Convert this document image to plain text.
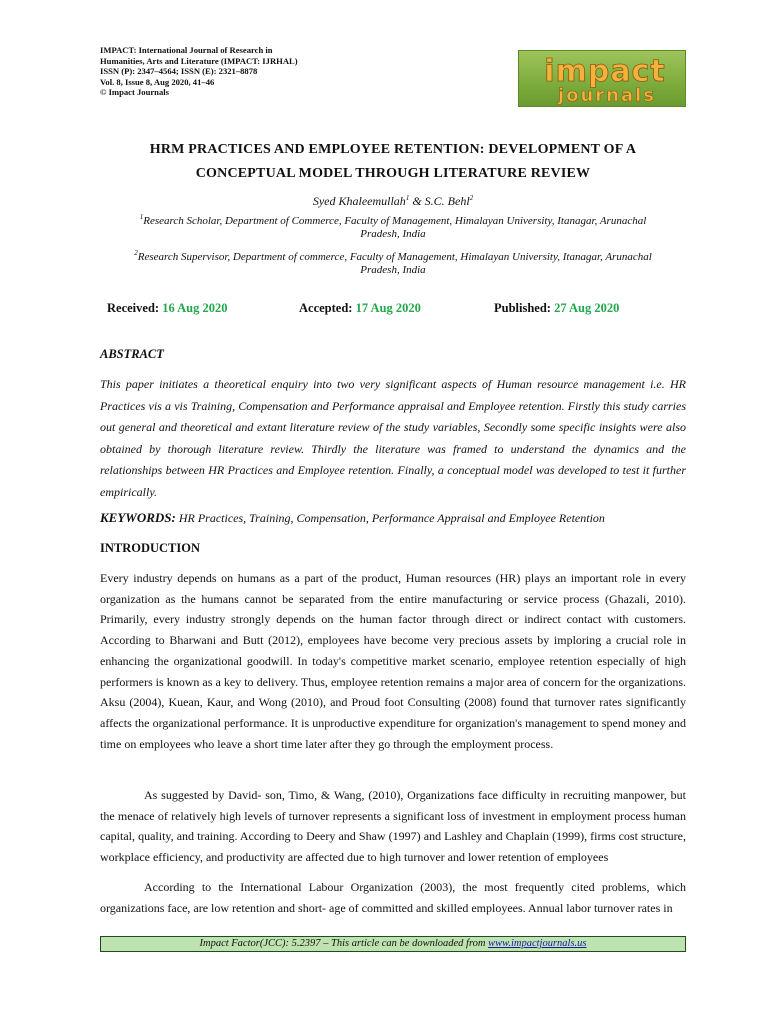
IMPACT: International Journal of Research in
Humanities, Arts and Literature (IMPACT: IJRHAL)
ISSN (P): 2347–4564; ISSN (E): 2321–8878
Vol. 8, Issue 8, Aug 2020, 41–46
© Impact Journals
impact
journals
HRM PRACTICES AND EMPLOYEE RETENTION: DEVELOPMENT OF A
CONCEPTUAL MODEL THROUGH LITERATURE REVIEW
Syed Khaleemullah$^1$ & S.C. Behl$^2$
$^1$Research Scholar, Department of Commerce, Faculty of Management, Himalayan University, Itanagar, Arunachal
Pradesh, India
$^2$Research Supervisor, Department of commerce, Faculty of Management, Himalayan University, Itanagar, Arunachal
Pradesh, India
Received: 16 Aug 2020	Accepted: 17 Aug 2020	Published: 27 Aug 2020
ABSTRACT
This paper initiates a theoretical enquiry into two very significant aspects of Human resource management i.e. HR Practices vis a vis Training, Compensation and Performance appraisal and Employee retention. Firstly this study carries out general and theoretical and extant literature review of the study variables, Secondly some specific insights were also obtained by thorough literature review. Thirdly the literature was framed to understand the dynamics and the relationships between HR Practices and Employee retention. Finally, a conceptual model was developed to test it further empirically.
KEYWORDS: HR Practices, Training, Compensation, Performance Appraisal and Employee Retention
INTRODUCTION
Every industry depends on humans as a part of the product, Human resources (HR) plays an important role in every organization as the humans cannot be separated from the entire manufacturing or service process (Ghazali, 2010). Primarily, every industry strongly depends on the human factor through direct or indirect contact with customers. According to Bharwani and Butt (2012), employees have become very precious assets by imploring a crucial role in enhancing the organizational goodwill. In today's competitive market scenario, employee retention especially of high performers is known as a key to delivery. Thus, employee retention remains a major area of concern for the organizations. Aksu (2004), Kuean, Kaur, and Wong (2010), and Proud foot Consulting (2008) found that turnover rates significantly affects the organizational performance. It is unproductive expenditure for organization's management to spend money and time on employees who leave a short time later after they go through the employment process.
As suggested by David- son, Timo, & Wang, (2010), Organizations face difficulty in recruiting manpower, but the menace of relatively high levels of turnover represents a significant loss of investment in employment process human capital, quality, and training. According to Deery and Shaw (1997) and Lashley and Chaplain (1999), firms cost structure, workplace efficiency, and productivity are affected due to high turnover and lower retention of employees
According to the International Labour Organization (2003), the most frequently cited problems, which organizations face, are low retention and short- age of committed and skilled employees. Annual labor turnover rates in
Impact Factor(JCC): 5.2397 – This article can be downloaded from www.impactjournals.us
